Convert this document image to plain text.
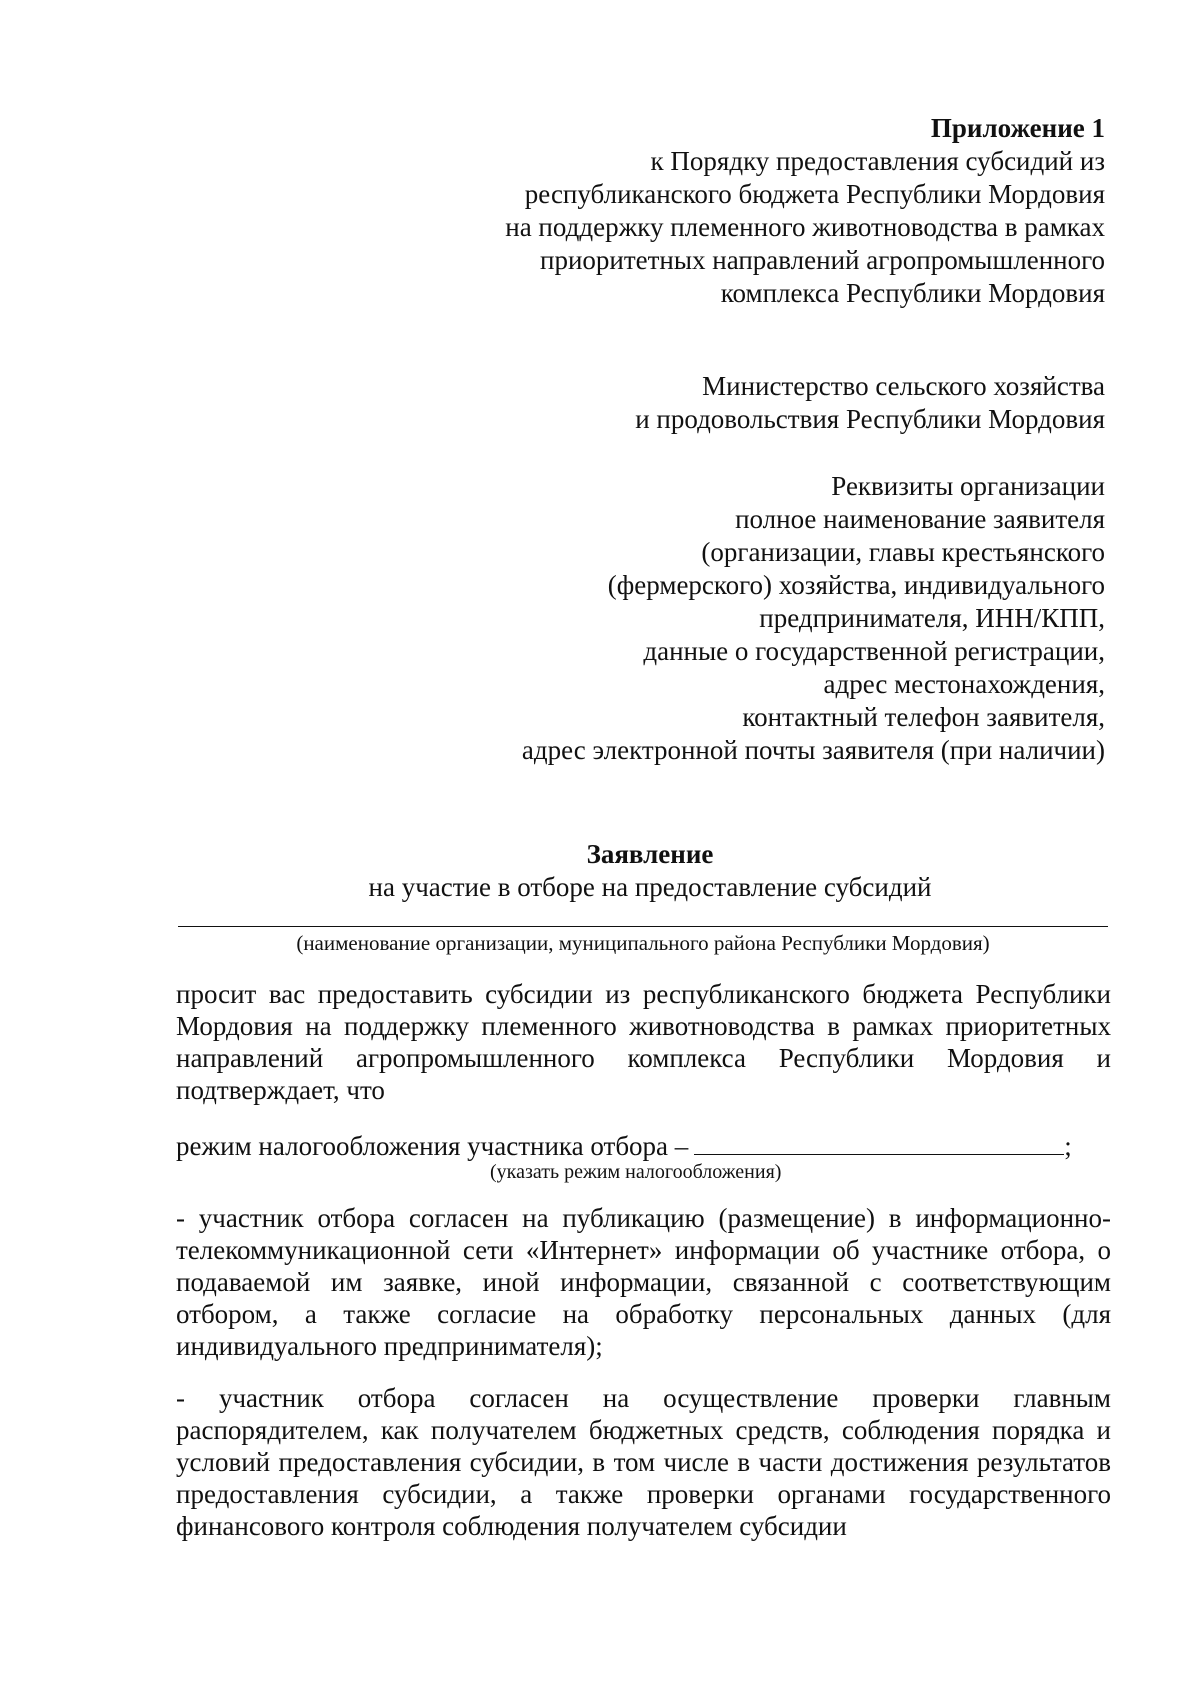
Приложение 1
к Порядку предоставления субсидий из
республиканского бюджета Республики Мордовия
на поддержку племенного животноводства в рамках
приоритетных направлений агропромышленного
комплекса Республики Мордовия
Министерство сельского хозяйства
и продовольствия Республики Мордовия
Реквизиты организации
полное наименование заявителя
(организации, главы крестьянского
(фермерского) хозяйства, индивидуального
предпринимателя, ИНН/КПП,
данные о государственной регистрации,
адрес местонахождения,
контактный телефон заявителя,
адрес электронной почты заявителя (при наличии)
Заявление
на участие в отборе на предоставление субсидий
(наименование организации, муниципального района Республики Мордовия)
просит вас предоставить субсидии из республиканского бюджета Республики Мордовия на поддержку племенного животноводства в рамках приоритетных направлений агропромышленного комплекса Республики Мордовия и подтверждает, что
режим налогообложения участника отбора –	;
(указать режим налогообложения)
- участник отбора согласен на публикацию (размещение) в информационно-телекоммуникационной сети «Интернет» информации об участнике отбора, о подаваемой им заявке, иной информации, связанной с соответствующим отбором, а также согласие на обработку персональных данных (для индивидуального предпринимателя);
- участник отбора согласен на осуществление проверки главным распорядителем, как получателем бюджетных средств, соблюдения порядка и условий предоставления субсидии, в том числе в части достижения результатов предоставления субсидии, а также проверки органами государственного финансового контроля соблюдения получателем субсидии
